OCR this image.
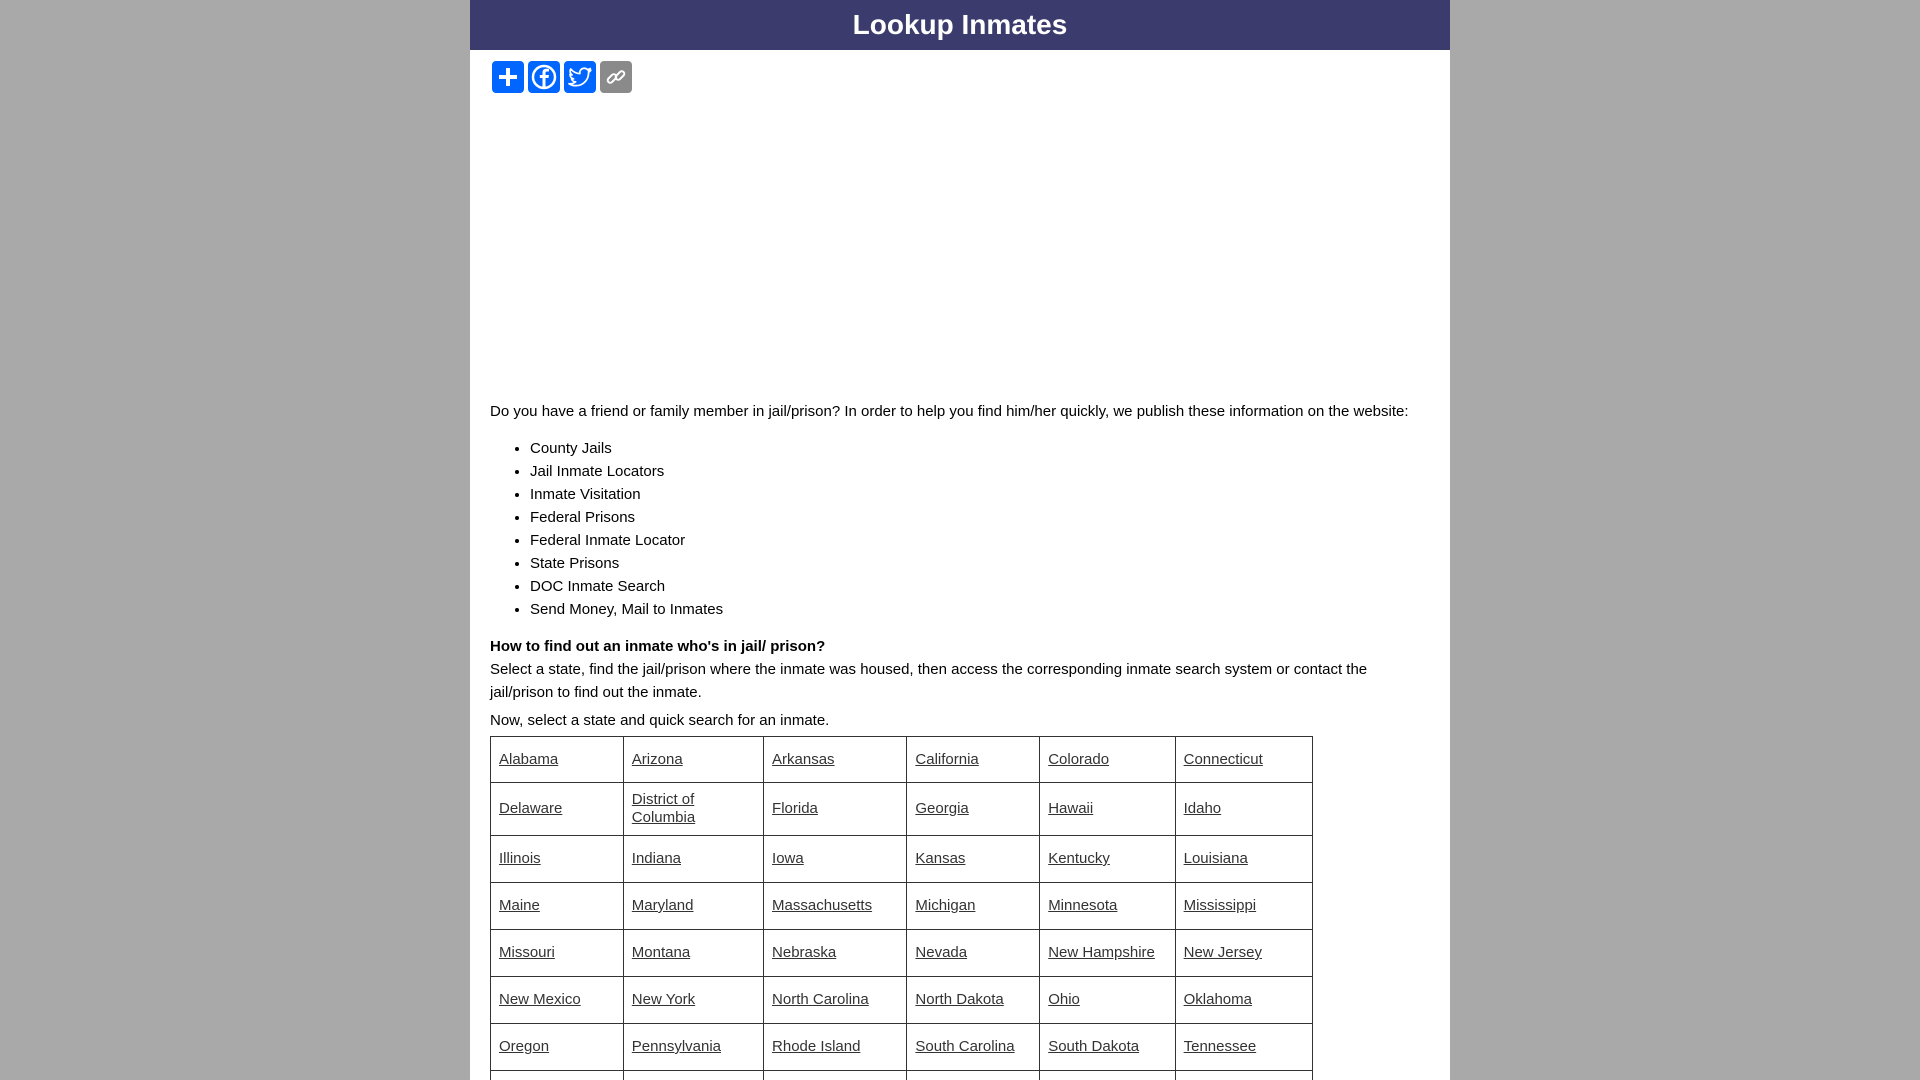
Lookup Inmates

Do you have a friend or family member in jail/prison? In order to help you find him/her quickly, we publish these information on the website:

• County Jails
• Jail Inmate Locators
• Inmate Visitation
• Federal Prisons
• Federal Inmate Locator
• State Prisons
• DOC Inmate Search
• Send Money, Mail to Inmates

How to find out an inmate who's in jail/ prison?

Select a state, find the jail/prison where the inmate was housed, then access the corresponding inmate search system or contact the jail/prison to find out the inmate.

Now, select a state and quick search for an inmate.

Alabama	Arizona	Arkansas	California	Colorado	Connecticut
Delaware	District of Columbia	Florida	Georgia	Hawaii	Idaho
Illinois	Indiana	Iowa	Kansas	Kentucky	Louisiana
Maine	Maryland	Massachusetts	Michigan	Minnesota	Mississippi
Missouri	Montana	Nebraska	Nevada	New Hampshire	New Jersey
New Mexico	New York	North Carolina	North Dakota	Ohio	Oklahoma
Oregon	Pennsylvania	Rhode Island	South Carolina	South Dakota	Tennessee
